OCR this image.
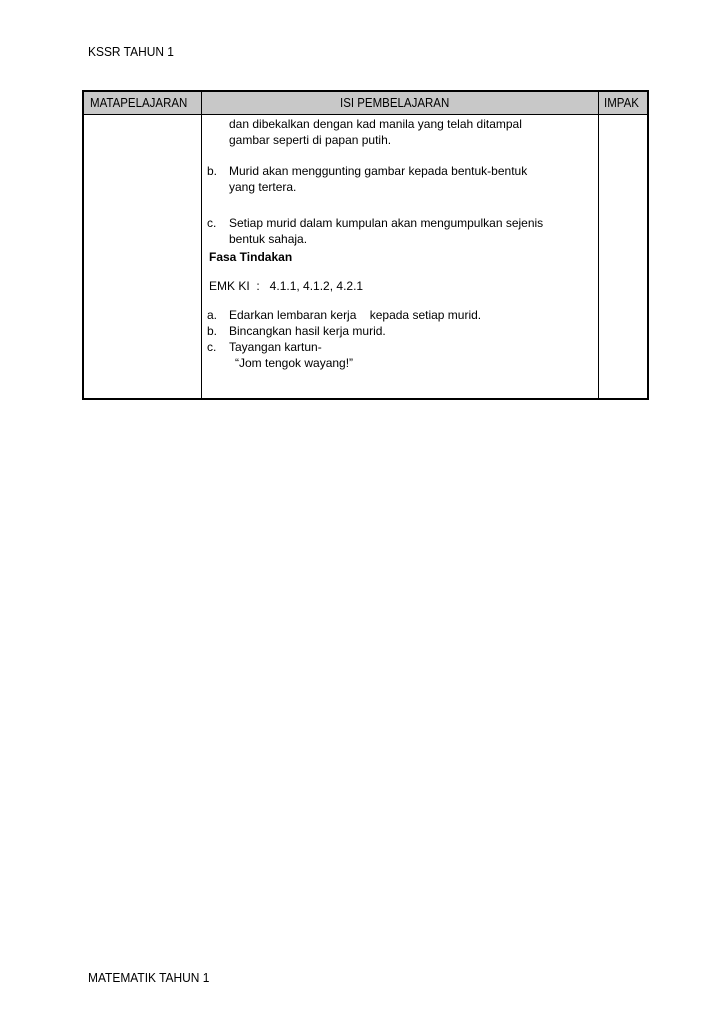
KSSR TAHUN 1
MATAPELAJARAN	ISI PEMBELAJARAN	IMPAK

dan dibekalkan dengan kad manila yang telah ditampal

gambar seperti di papan putih.

b. Murid akan menggunting gambar kepada bentuk-bentuk

yang tertera.

c. Setiap murid dalam kumpulan akan mengumpulkan sejenis

bentuk sahaja.

Fasa Tindakan

EMK KI  :   4.1.1, 4.1.2, 4.2.1

a. Edarkan lembaran kerja    kepada setiap murid.

b. Bincangkan hasil kerja murid.

c. Tayangan kartun-

“Jom tengok wayang!”

MATEMATIK TAHUN 1
